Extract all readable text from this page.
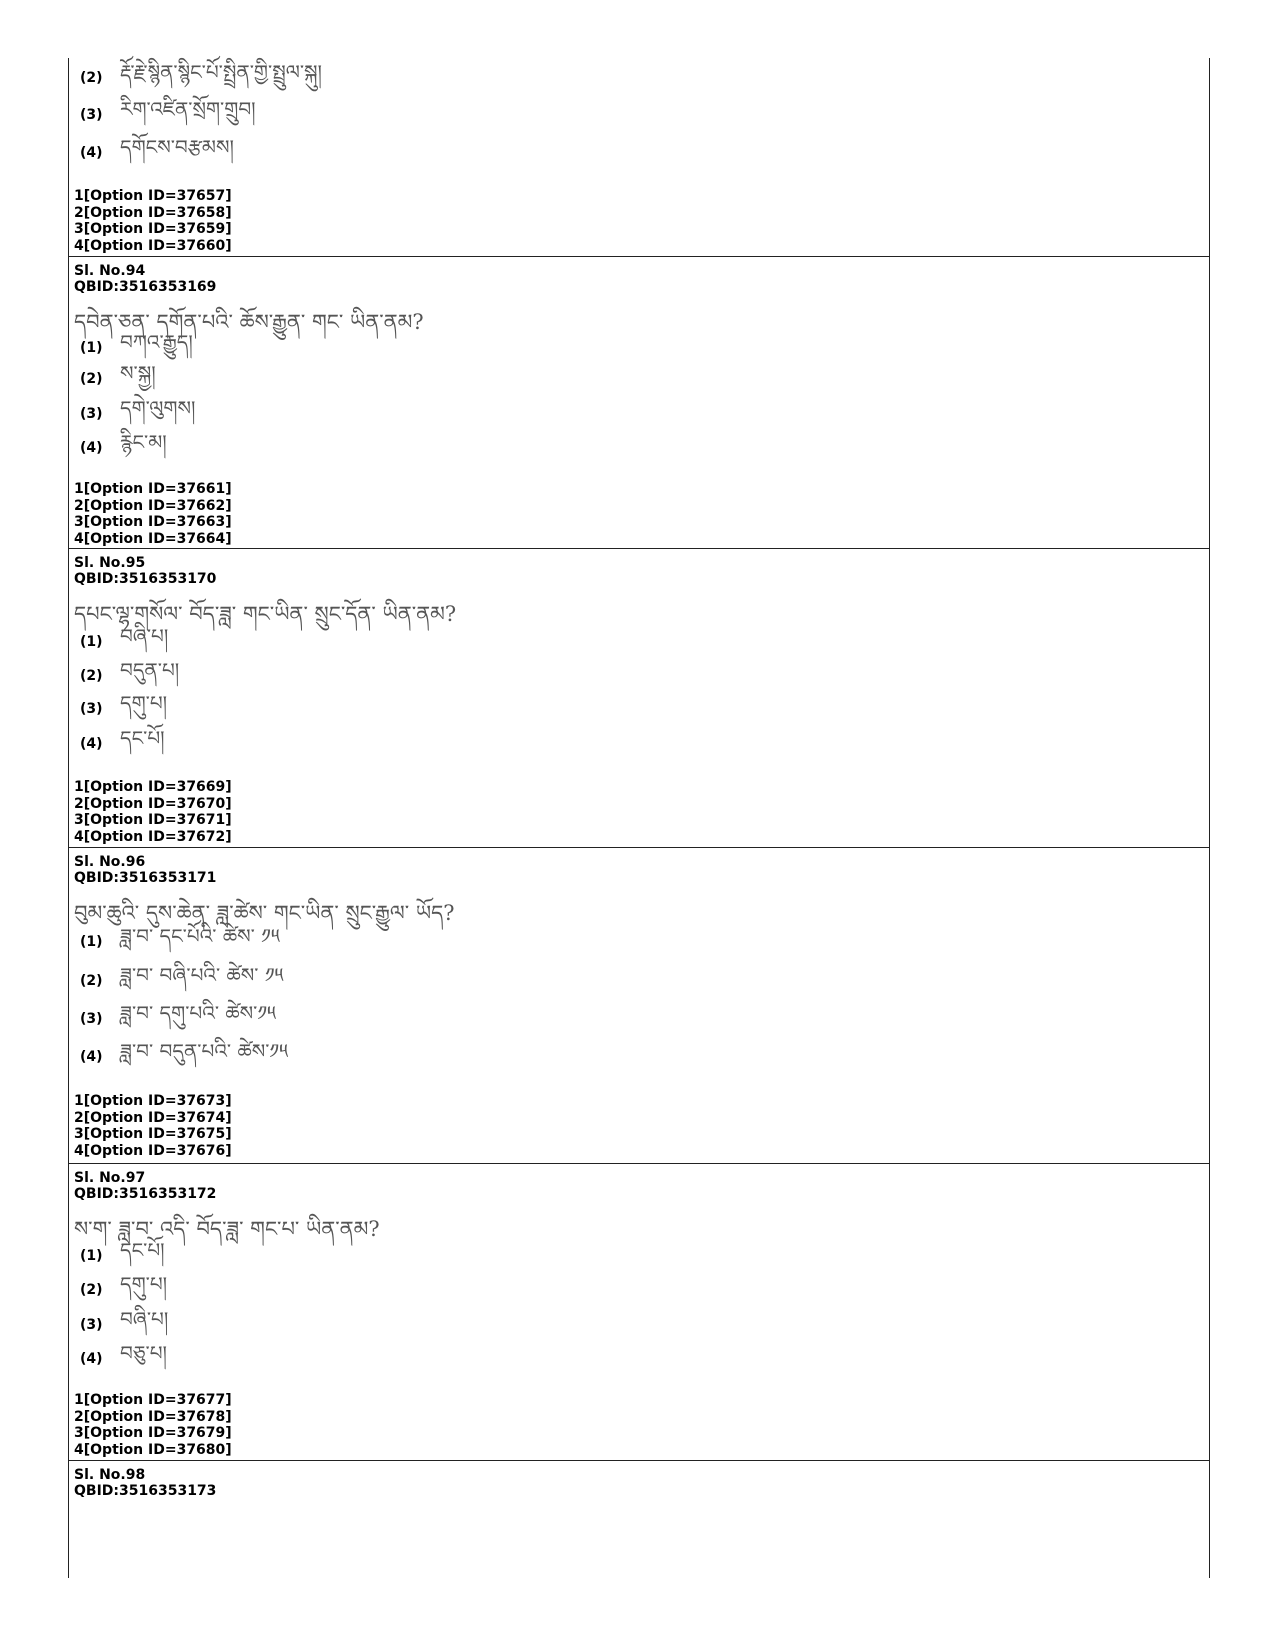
(2) རྡོ་རྗེ་སྙིན་སྙིང་པོ་སྤྲིན་གྱི་སྤྲུལ་སྐུ།
(3) རིག་འཛིན་སྲོག་གྲུབ།
(4) དགོངས་བརྩམས།
1[Option ID=37657]
2[Option ID=37658]
3[Option ID=37659]
4[Option ID=37660]
Sl. No.94
QBID:3516353169
དབེན་ཅན་ དགོན་པའི་ ཆོས་རྒྱུན་ གང་ ཡིན་ནམ?
(1) བཀའ་རྒྱུད།
(2) ས་སྐྱ།
(3) དགེ་ལུགས།
(4) རྙིང་མ།
1[Option ID=37661]
2[Option ID=37662]
3[Option ID=37663]
4[Option ID=37664]
Sl. No.95
QBID:3516353170
དཔང་ལྷ་གསོལ་ བོད་ཟླ་ གང་ཡིན་ སྲུང་དོན་ ཡིན་ནམ?
(1) བཞི་པ།
(2) བདུན་པ།
(3) དགུ་པ།
(4) དང་པོ།
1[Option ID=37669]
2[Option ID=37670]
3[Option ID=37671]
4[Option ID=37672]
Sl. No.96
QBID:3516353171
བུམ་ཆུའི་ དུས་ཆེན་ ཟླ་ཚེས་ གང་ཡིན་ སྲུང་རྒྱུལ་ ཡོད?
(1) ཟླ་བ་ དང་པོའི་ ཚེས་ ༡༥
(2) ཟླ་བ་ བཞི་པའི་ ཚེས་ ༡༥
(3) ཟླ་བ་ དགུ་པའི་ ཚེས་༡༥
(4) ཟླ་བ་ བདུན་པའི་ ཚེས་༡༥
1[Option ID=37673]
2[Option ID=37674]
3[Option ID=37675]
4[Option ID=37676]
Sl. No.97
QBID:3516353172
ས་ག་ ཟླ་བ་ འདི་ བོད་ཟླ་ གང་པ་ ཡིན་ནམ?
(1) དང་པོ།
(2) དགུ་པ།
(3) བཞི་པ།
(4) བཅུ་པ།
1[Option ID=37677]
2[Option ID=37678]
3[Option ID=37679]
4[Option ID=37680]
Sl. No.98
QBID:3516353173
